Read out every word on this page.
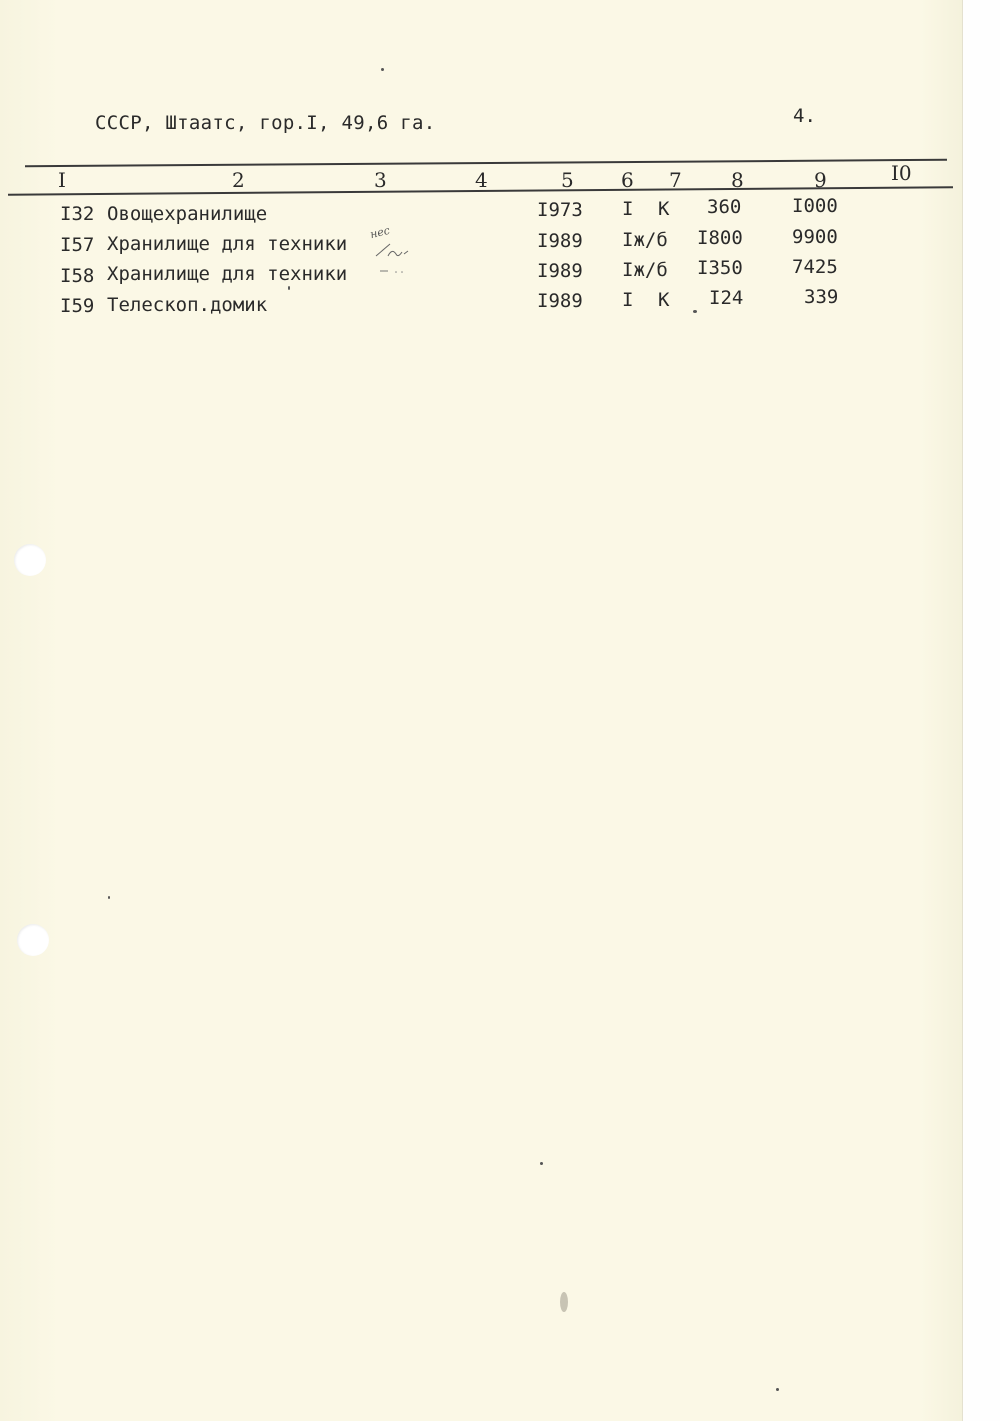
СССР, Штаатс, гор.I, 49,6 га.	4.
I	2	3	4	5 6 7 8	9	I0
I32 Овощехранилище	I973 I К 360	I000
I57 Хранилище для техники	I989 Iж/б I800	9900
I58 Хранилище для техники	I989 Iж/б I350	7425
I59 Телескоп.домик	I989 I К I24	339
нес
